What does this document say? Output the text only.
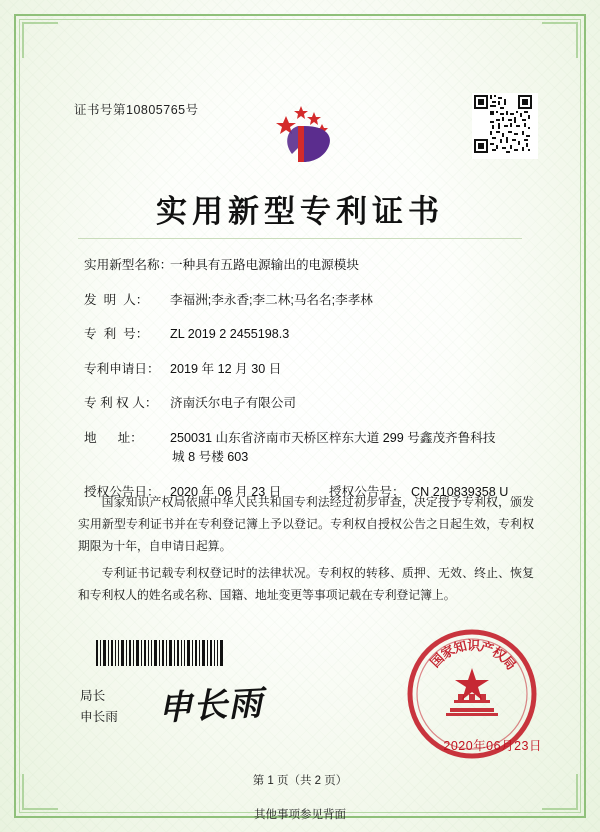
证书号第10805765号
实用新型专利证书
实用新型名称：
一种具有五路电源输出的电源模块
发  明  人：	李福洲;李永香;李二林;马名名;李孝林
专  利  号：	ZL 2019 2 2455198.3
专利申请日： 2019 年 12 月 30 日
专 利 权 人： 济南沃尔电子有限公司
地      址：	250031 山东省济南市天桥区梓东大道 299 号鑫茂齐鲁科技
城 8 号楼 603
授权公告日： 2020 年 06 月 23 日	授权公告号： CN 210839358 U

国家知识产权局依照中华人民共和国专利法经过初步审查，决定授予专利权，颁发实用新型专利证书并在专利登记簿上予以登记。专利权自授权公告之日起生效，专利权期限为十年，自申请日起算。

专利证书记载专利权登记时的法律状况。专利权的转移、质押、无效、终止、恢复和专利权人的姓名或名称、国籍、地址变更等事项记载在专利登记簿上。

局长
申长雨 申长雨
国
家
知
识
产
权
局
2020年06月23日
第 1 页（共 2 页）
其他事项参见背面
